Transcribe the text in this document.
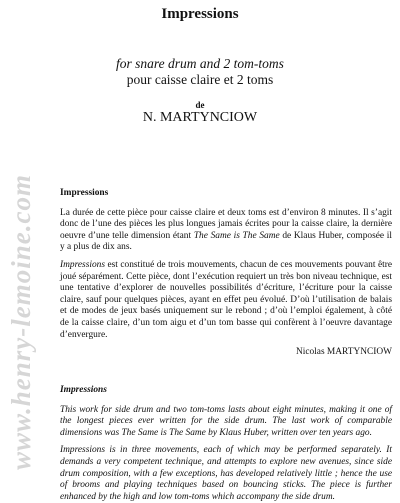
www.henry-lemoine.com
Impressions
for snare drum and 2 tom-toms
pour caisse claire et 2 toms
de
N. MARTYNCIOW
Impressions

La durée de cette pièce pour caisse claire et deux toms est d’environ 8 minutes. Il s’agit donc de l’une des pièces les plus longues jamais écrites pour la caisse claire, la dernière oeuvre d’une telle dimension étant The Same is The Same de Klaus Huber, composée il y a plus de dix ans.

Impressions est constitué de trois mouvements, chacun de ces mouvements pouvant être joué séparément. Cette pièce, dont l’exécution requiert un très bon niveau technique, est une tentative d’explorer de nouvelles possibilités d’écriture, l’écriture pour la caisse claire, sauf pour quelques pièces, ayant en effet peu évolué. D’où l’utilisation de balais et de modes de jeux basés uniquement sur le rebond ; d’où l’emploi également, à côté de la caisse claire, d’un tom aigu et d’un tom basse qui confèrent à l’oeuvre davantage d’envergure.

Nicolas MARTYNCIOW
Impressions

This work for side drum and two tom-toms lasts about eight minutes, making it one of the longest pieces ever written for the side drum. The last work of comparable dimensions was The Same is The Same by Klaus Huber, written over ten years ago.

Impressions is in three movements, each of which may be performed separately. It demands a very competent technique, and attempts to explore new avenues, since side drum composition, with a few exceptions, has developed relatively little ; hence the use of brooms and playing techniques based on bouncing sticks. The piece is further enhanced by the high and low tom-toms which accompany the side drum.
